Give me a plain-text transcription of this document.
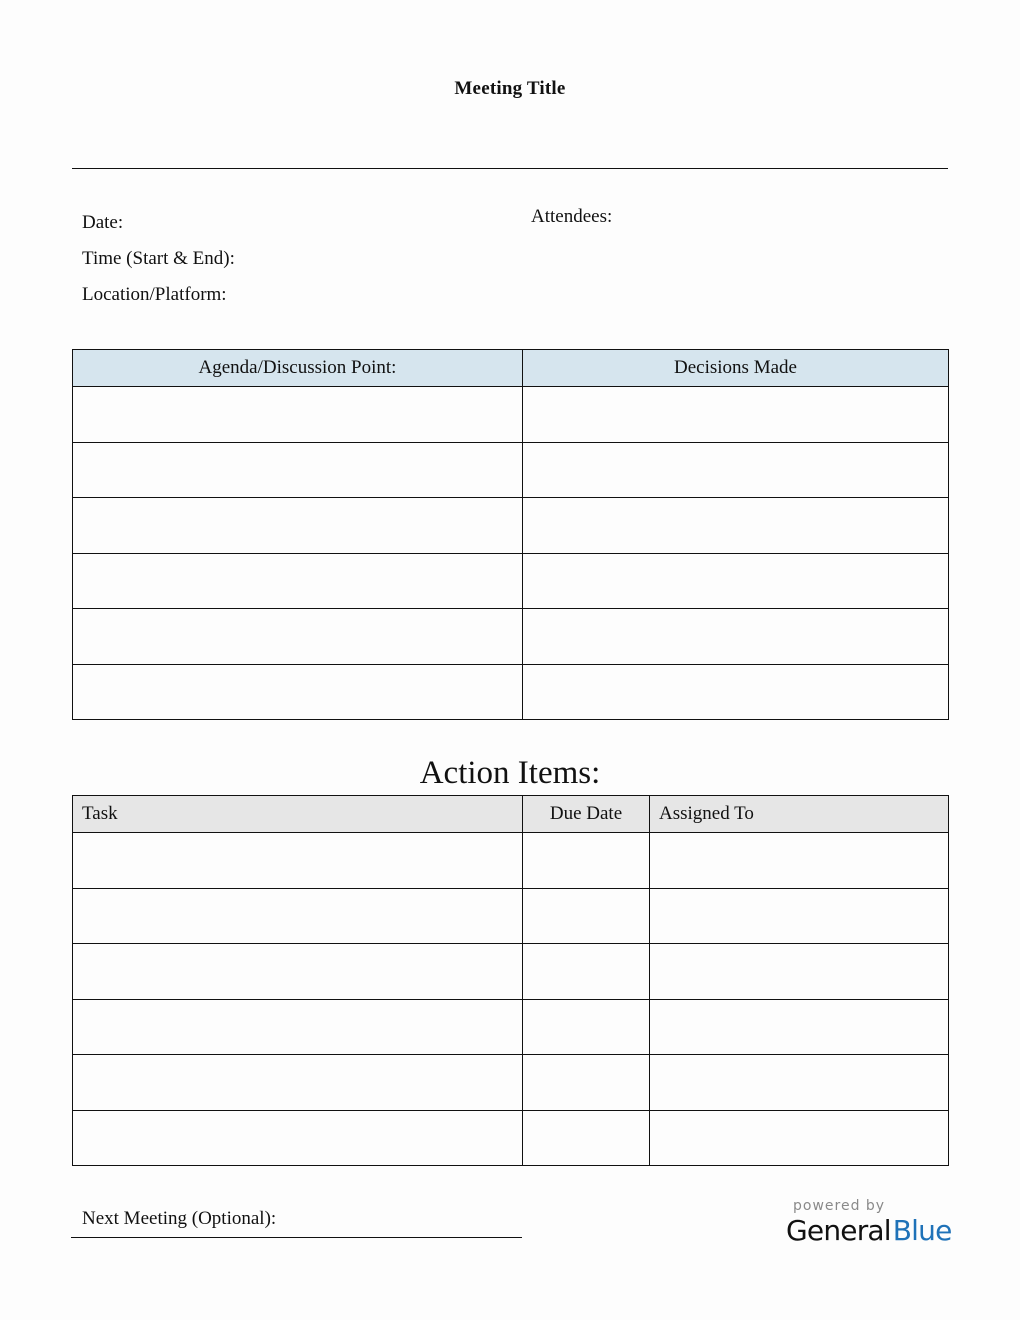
Meeting Title
Date:
Time (Start & End):
Location/Platform:
Attendees:
Agenda/Discussion Point:	Decisions Made

Action Items:
Task	Due Date	Assigned To

Next Meeting (Optional):
powered by
GeneralBlue
